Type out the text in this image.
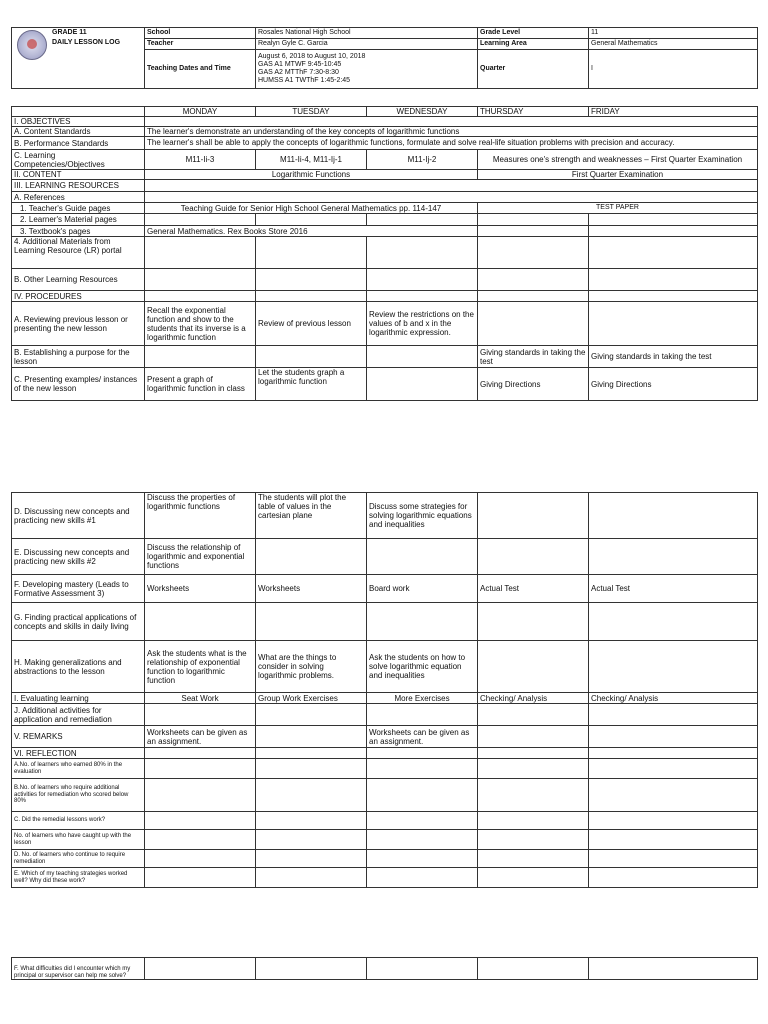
GRADE 11
DAILY LESSON LOG	School	Rosales National High School	Grade Level	11
	Teacher	Realyn Gyle C. Garcia	Learning Area	General Mathematics
	Teaching Dates and Time	August 6, 2018 to August 10, 2018
GAS A1 MTWF 9:45-10:45
GAS A2 MTThF 7:30-8:30
HUMSS A1 TWThF 1:45-2:45	Quarter	I
	MONDAY	TUESDAY	WEDNESDAY	THURSDAY	FRIDAY
I. OBJECTIVES					
A. Content Standards	The learner's demonstrate an understanding of the key concepts of logarithmic functions				
B. Performance Standards	The learner's shall be able to apply the concepts of logarithmic functions, formulate and solve real-life situation problems with precision and accuracy.				
C. Learning Competencies/Objectives	M11-Ii-3	M11-Ii-4, M11-Ij-1	M11-Ij-2	Measures one's strength and weaknesses – First Quarter Examination	
II. CONTENT	Logarithmic Functions			First Quarter Examination	
III. LEARNING RESOURCES					
A. References					
1. Teacher's Guide pages	Teaching Guide for Senior High School General Mathematics pp. 114-147			TEST PAPER	
2. Learner's Material pages					
3. Textbook's pages	General Mathematics. Rex Books Store 2016				
4. Additional Materials from Learning Resource (LR) portal					
B. Other Learning Resources					
IV. PROCEDURES					
A. Reviewing previous lesson or presenting the new lesson	Recall the exponential function and show to the students that its inverse is a logarithmic function	Review of previous lesson	Review the restrictions on the values of b and x in the logarithmic expression.		
B. Establishing a purpose for the lesson				Giving standards in taking the test	Giving standards in taking the test
C. Presenting examples/ instances of the new lesson	Present a graph of logarithmic function in class	Let the students graph a logarithmic function		Giving Directions	Giving Directions
D. Discussing new concepts and practicing new skills #1	Discuss the properties of logarithmic functions	The students will plot the table of values in the cartesian plane	Discuss some strategies for solving logarithmic equations and inequalities		
E. Discussing new concepts and practicing new skills #2	Discuss the relationship of logarithmic and exponential functions				
F. Developing mastery (Leads to Formative Assessment 3)	Worksheets	Worksheets	Board work	Actual Test	Actual Test
G. Finding practical applications of concepts and skills in daily living					
H. Making generalizations and abstractions to the lesson	Ask the students what is the relationship of exponential function to logarithmic function	What are the things to consider in solving logarithmic problems.	Ask the students on how to solve logarithmic equation and inequalities		
I. Evaluating learning	Seat Work	Group Work Exercises	More Exercises	Checking/ Analysis	Checking/ Analysis
J. Additional activities for application and remediation					
V. REMARKS	Worksheets can be given as an assignment.		Worksheets can be given as an assignment.		
VI. REFLECTION					
A.No. of learners who earned 80% in the evaluation					
B.No. of learners who require additional activities for remediation who scored below 80%					
C. Did the remedial lessons work?					
No. of learners who have caught up with the lesson					
D. No. of learners who continue to require remediation					
E. Which of my teaching strategies worked well? Why did these work?					
F. What difficulties did I encounter which my principal or supervisor can help me solve?					
